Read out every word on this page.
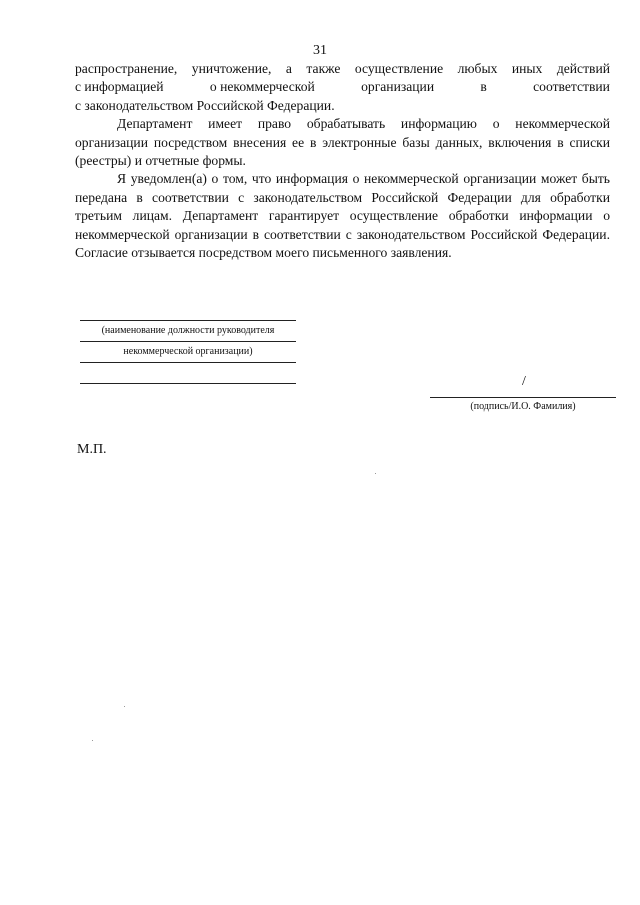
31

распространение, уничтожение, а также осуществление любых иных действий
с информацией	о некоммерческой	организации	в	соответствии
с законодательством Российской Федерации.

Департамент имеет право обрабатывать информацию о некоммерческой организации посредством внесения ее в электронные базы данных, включения в списки (реестры) и отчетные формы.

Я уведомлен(а) о том, что информация о некоммерческой организации может быть передана в соответствии с законодательством Российской Федерации для обработки третьим лицам. Департамент гарантирует осуществление обработки информации о некоммерческой организации в соответствии с законодательством Российской Федерации. Согласие отзывается посредством моего письменного заявления.

(наименование должности руководителя
некоммерческой организации)
/
(подпись/И.О. Фамилия)
М.П.
